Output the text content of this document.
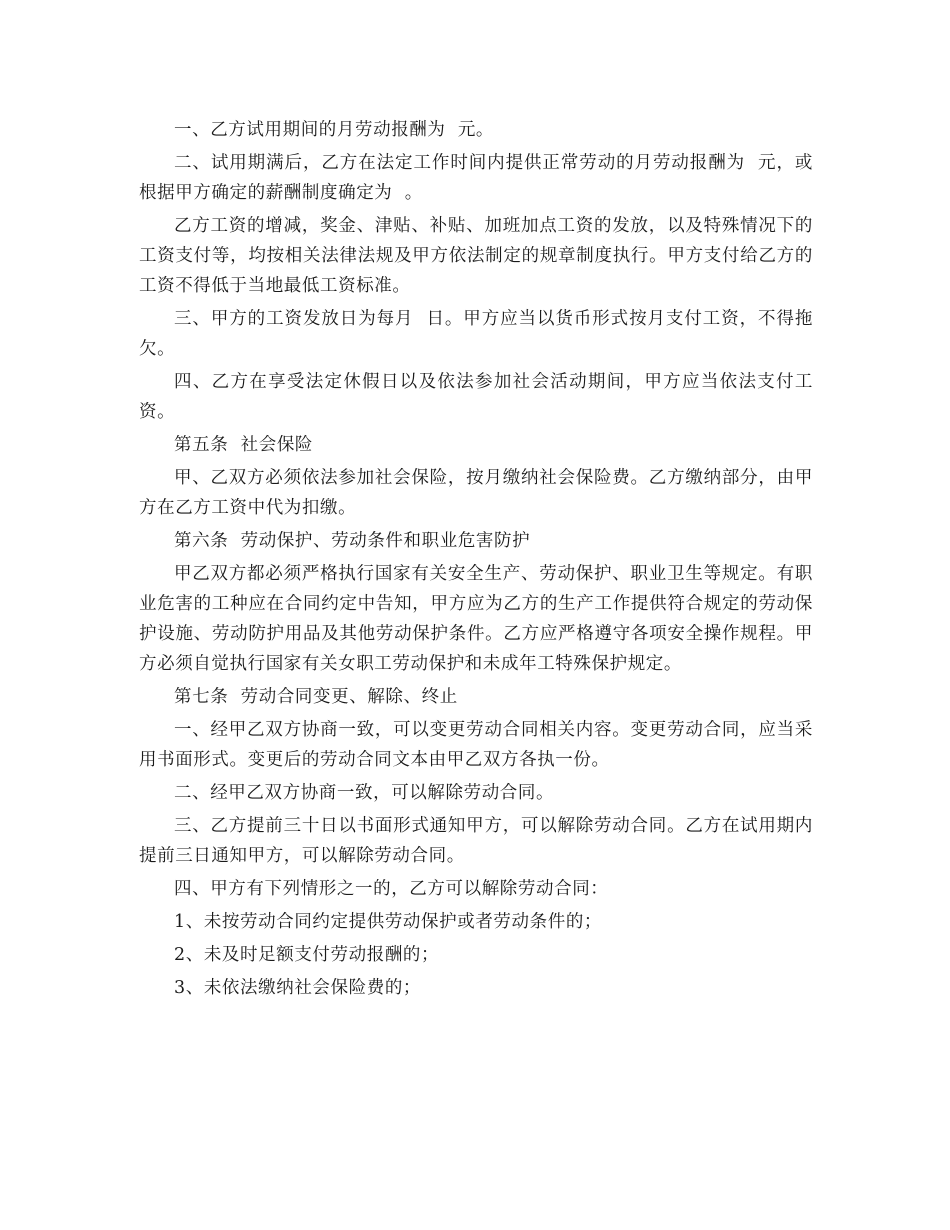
一、乙方试用期间的月劳动报酬为  元。

二、试用期满后，乙方在法定工作时间内提供正常劳动的月劳动报酬为  元，或根据甲方确定的薪酬制度确定为  。

乙方工资的增减，奖金、津贴、补贴、加班加点工资的发放，以及特殊情况下的工资支付等，均按相关法律法规及甲方依法制定的规章制度执行。甲方支付给乙方的工资不得低于当地最低工资标准。

三、甲方的工资发放日为每月  日。甲方应当以货币形式按月支付工资，不得拖欠。

四、乙方在享受法定休假日以及依法参加社会活动期间，甲方应当依法支付工资。

第五条  社会保险

甲、乙双方必须依法参加社会保险，按月缴纳社会保险费。乙方缴纳部分，由甲方在乙方工资中代为扣缴。

第六条  劳动保护、劳动条件和职业危害防护

甲乙双方都必须严格执行国家有关安全生产、劳动保护、职业卫生等规定。有职业危害的工种应在合同约定中告知，甲方应为乙方的生产工作提供符合规定的劳动保护设施、劳动防护用品及其他劳动保护条件。乙方应严格遵守各项安全操作规程。甲方必须自觉执行国家有关女职工劳动保护和未成年工特殊保护规定。

第七条  劳动合同变更、解除、终止

一、经甲乙双方协商一致，可以变更劳动合同相关内容。变更劳动合同，应当采用书面形式。变更后的劳动合同文本由甲乙双方各执一份。

二、经甲乙双方协商一致，可以解除劳动合同。

三、乙方提前三十日以书面形式通知甲方，可以解除劳动合同。乙方在试用期内提前三日通知甲方，可以解除劳动合同。

四、甲方有下列情形之一的，乙方可以解除劳动合同：

1、未按劳动合同约定提供劳动保护或者劳动条件的；

2、未及时足额支付劳动报酬的；

3、未依法缴纳社会保险费的；
